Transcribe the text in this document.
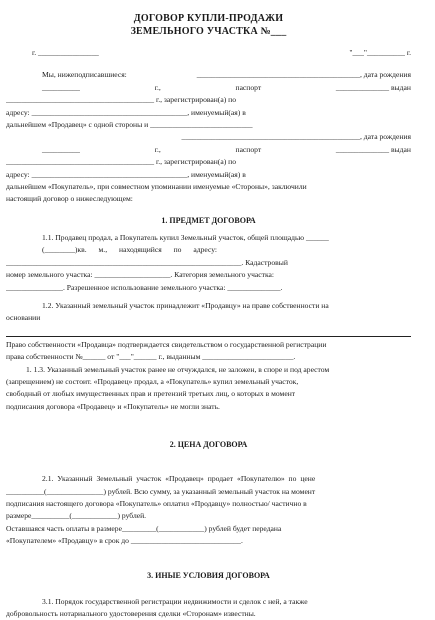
ДОГОВОР КУПЛИ-ПРОДАЖИ
ЗЕМЕЛЬНОГО УЧАСТКА №___
г. ________________	"___"__________ г.
Мы, нижеподписавшиеся:	___________________________________________, дата рождения
__________	г.,	паспорт	______________ выдан
_______________________________________ г., зарегистрирован(а) по
адресу: _________________________________________, именуемый(ая) в
дальнейшем «Продавец» с одной стороны и ___________________________
_______________________________________________, дата рождения
__________	г.,	паспорт	______________ выдан
_______________________________________ г., зарегистрирован(а) по
адресу: _________________________________________, именуемый(ая) в
дальнейшем «Покупатель», при совместном упоминании именуемые «Стороны», заключили
настоящий договор о нижеследующем:
1. ПРЕДМЕТ ДОГОВОРА
1.1. Продавец продал, а Покупатель купил Земельный участок, общей площадью ______
(________)кв. м., находящийся по адресу:
______________________________________________________________. Кадастровый
номер земельного участка: ____________________. Категория земельного участка:
_______________. Разрешенное использование земельного участка: ______________.
1.2. Указанный земельный участок принадлежит «Продавцу» на праве собственности на
основании
Право собственности «Продавца» подтверждается свидетельством о государственной регистрации
права собственности №______ от "___"______ г., выданным ________________________.
1. 1.3. Указанный земельный участок ранее не отчуждался, не заложен, в споре и под арестом
(запрещением) не состоит. «Продавец» продал, а «Покупатель» купил земельный участок,
свободный от любых имущественных прав и претензий третьих лиц, о которых в момент
подписания договора «Продавец» и «Покупатель» не могли знать.
2. ЦЕНА ДОГОВОРА
2.1. Указанный Земельный участок «Продавец» продает «Покупателю» по цене
__________(_______________) рублей. Всю сумму, за указанный земельный участок на момент
подписания настоящего договора «Покупатель» оплатил «Продавцу» полностью/ частично в
размере__________(____________) рублей.
Оставшаяся часть оплаты в размере_________(____________) рублей будет передана
«Покупателем» «Продавцу» в срок до _____________________________.
3. ИНЫЕ УСЛОВИЯ ДОГОВОРА
3.1. Порядок государственной регистрации недвижимости и сделок с ней, а также
добровольность нотариального удостоверения сделки «Сторонам» известны.
